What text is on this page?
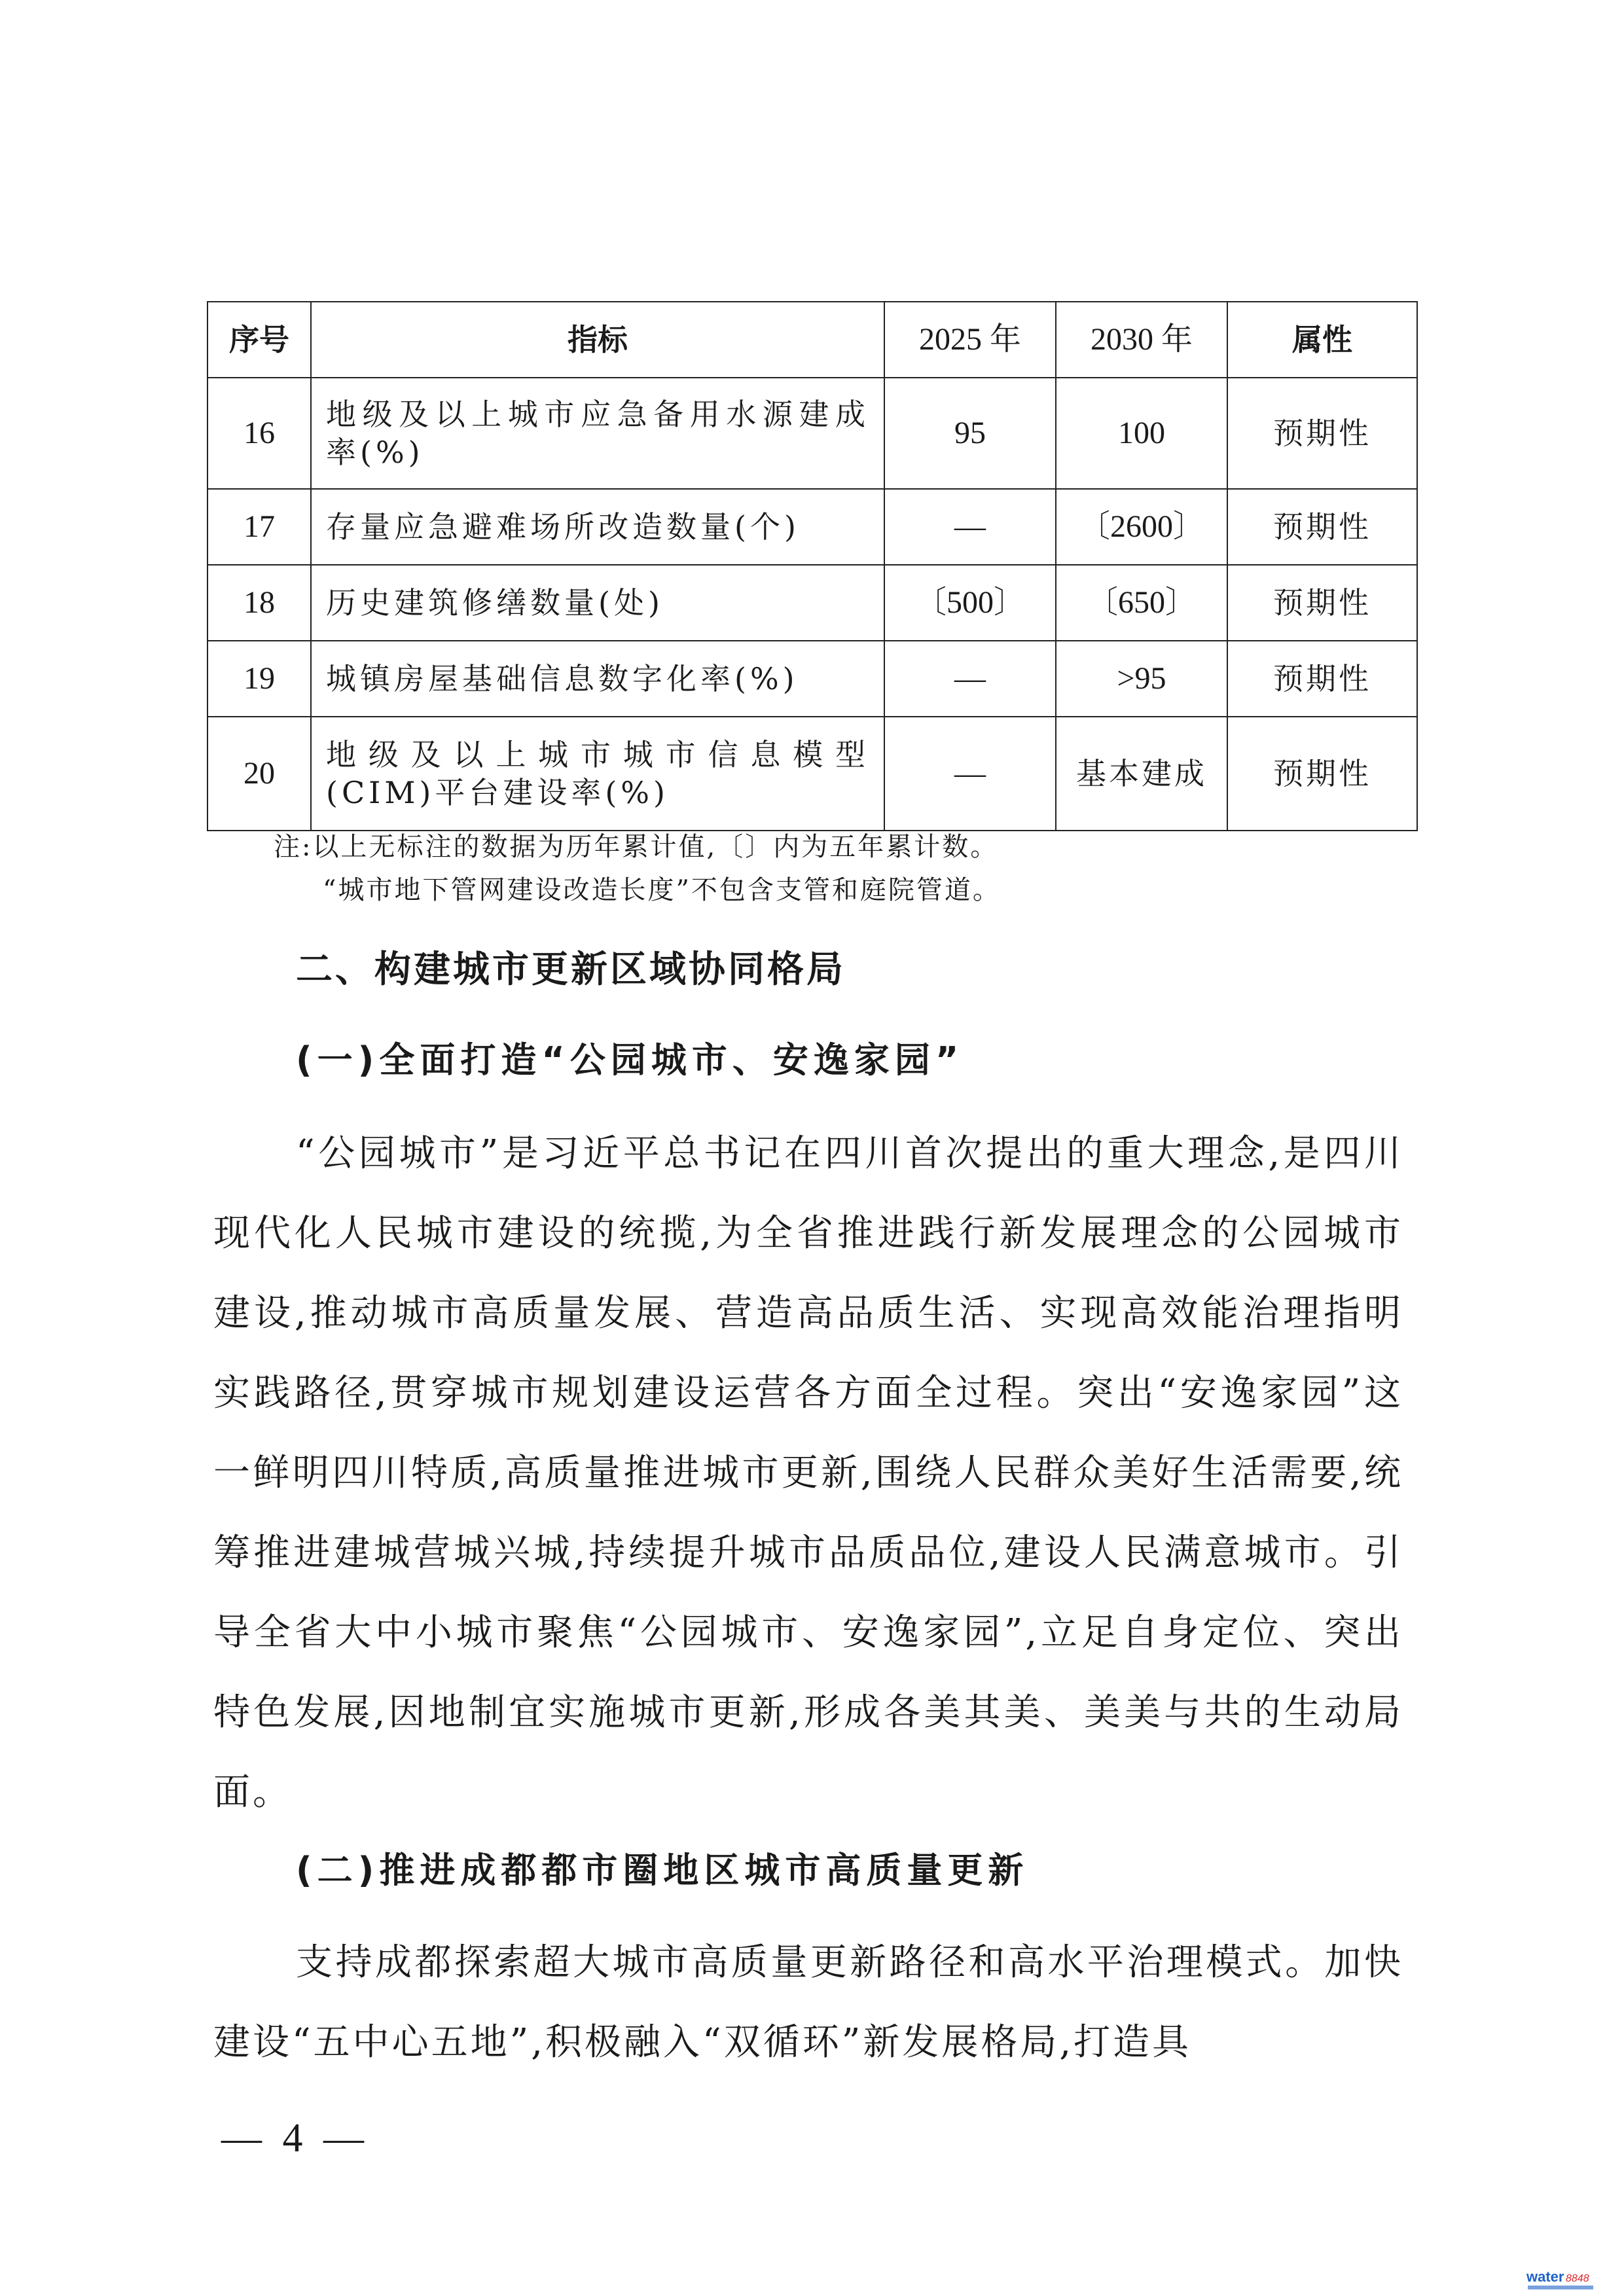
序号	指标	2025 年	2030 年	属性
16	地级及以上城市应急备用水源建成率(%)	95	100	预期性
17	存量应急避难场所改造数量(个)	—	〔2600〕	预期性
18	历史建筑修缮数量(处)	〔500〕	〔650〕	预期性
19	城镇房屋基础信息数字化率(%)	—	>95	预期性
20	地级及以上城市城市信息模型(CIM)平台建设率(%)	—	基本建成	预期性
注:以上无标注的数据为历年累计值,〔〕内为五年累计数。
“城市地下管网建设改造长度”不包含支管和庭院管道。
二、构建城市更新区域协同格局
(一)全面打造“公园城市、安逸家园”
“公园城市”是习近平总书记在四川首次提出的重大理念,是四川现代化人民城市建设的统揽,为全省推进践行新发展理念的公园城市建设,推动城市高质量发展、营造高品质生活、实现高效能治理指明实践路径,贯穿城市规划建设运营各方面全过程。突出“安逸家园”这一鲜明四川特质,高质量推进城市更新,围绕人民群众美好生活需要,统筹推进建城营城兴城,持续提升城市品质品位,建设人民满意城市。引导全省大中小城市聚焦“公园城市、安逸家园”,立足自身定位、突出特色发展,因地制宜实施城市更新,形成各美其美、美美与共的生动局面。
(二)推进成都都市圈地区城市高质量更新
支持成都探索超大城市高质量更新路径和高水平治理模式。加快建设“五中心五地”,积极融入“双循环”新发展格局,打造具
— 4 —
water 8848
